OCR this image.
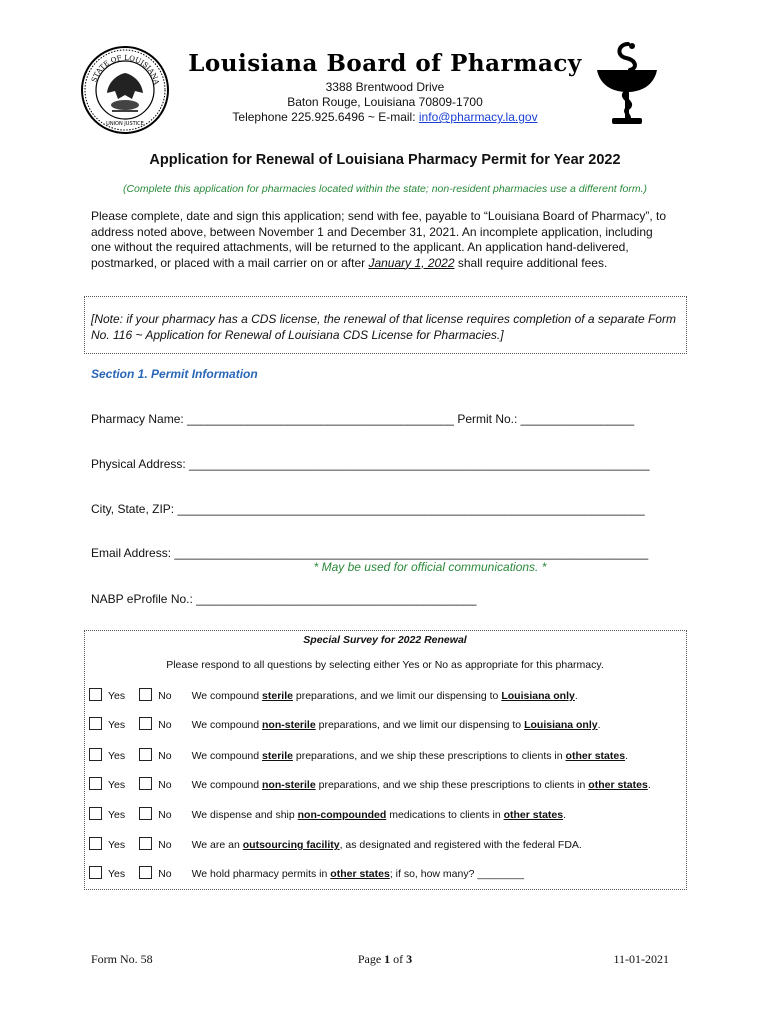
STATE OF LOUISIANA
UNION JUSTICE
Louisiana Board of Pharmacy
3388 Brentwood Drive
Baton Rouge, Louisiana 70809-1700
Telephone 225.925.6496 ~ E-mail: info@pharmacy.la.gov
Application for Renewal of Louisiana Pharmacy Permit for Year 2022
(Complete this application for pharmacies located within the state; non-resident pharmacies use a different form.)
Please complete, date and sign this application; send with fee, payable to “Louisiana Board of Pharmacy”, to address noted above, between November 1 and December 31, 2021. An incomplete application, including one without the required attachments, will be returned to the applicant. An application hand-delivered, postmarked, or placed with a mail carrier on or after January 1, 2022 shall require additional fees.
[Note: if your pharmacy has a CDS license, the renewal of that license requires completion of a separate Form No. 116 ~ Application for Renewal of Louisiana CDS License for Pharmacies.]
Section 1. Permit Information
Pharmacy Name: ________________________________________ Permit No.: _________________
Physical Address: _____________________________________________________________________
City, State, ZIP: ______________________________________________________________________
Email Address: _______________________________________________________________________
* May be used for official communications. *
NABP eProfile No.: __________________________________________
Special Survey for 2022 Renewal
Please respond to all questions by selecting either Yes or No as appropriate for this pharmacy.
Yes	No We compound sterile preparations, and we limit our dispensing to Louisiana only.
Yes	No We compound non-sterile preparations, and we limit our dispensing to Louisiana only.
Yes	No We compound sterile preparations, and we ship these prescriptions to clients in other states.
Yes	No We compound non-sterile preparations, and we ship these prescriptions to clients in other states.
Yes	No We dispense and ship non-compounded medications to clients in other states.
Yes	No We are an outsourcing facility, as designated and registered with the federal FDA.
Yes	No We hold pharmacy permits in other states; if so, how many? ________
Form No. 58	Page 1 of 3	11-01-2021
